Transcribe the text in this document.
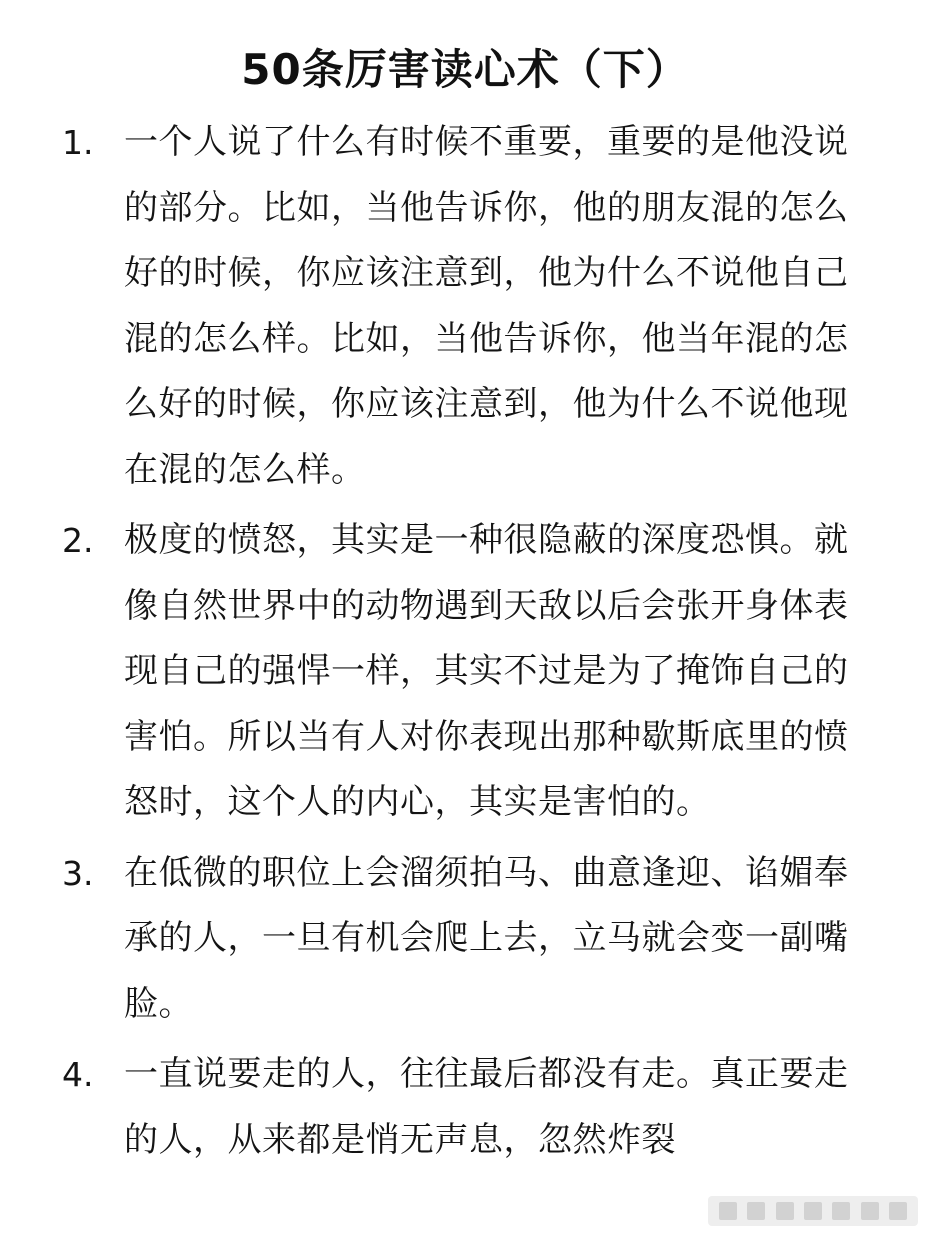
50条厉害读心术（下）
1. 一个人说了什么有时候不重要，重要的是他没说的部分。比如，当他告诉你，他的朋友混的怎么好的时候，你应该注意到，他为什么不说他自己混的怎么样。比如，当他告诉你，他当年混的怎么好的时候，你应该注意到，他为什么不说他现在混的怎么样。
2. 极度的愤怒，其实是一种很隐蔽的深度恐惧。就像自然世界中的动物遇到天敌以后会张开身体表现自己的强悍一样，其实不过是为了掩饰自己的害怕。所以当有人对你表现出那种歇斯底里的愤怒时，这个人的内心，其实是害怕的。
3. 在低微的职位上会溜须拍马、曲意逢迎、谄媚奉承的人，一旦有机会爬上去，立马就会变一副嘴脸。
4. 一直说要走的人，往往最后都没有走。真正要走的人，从来都是悄无声息，忽然炸裂
